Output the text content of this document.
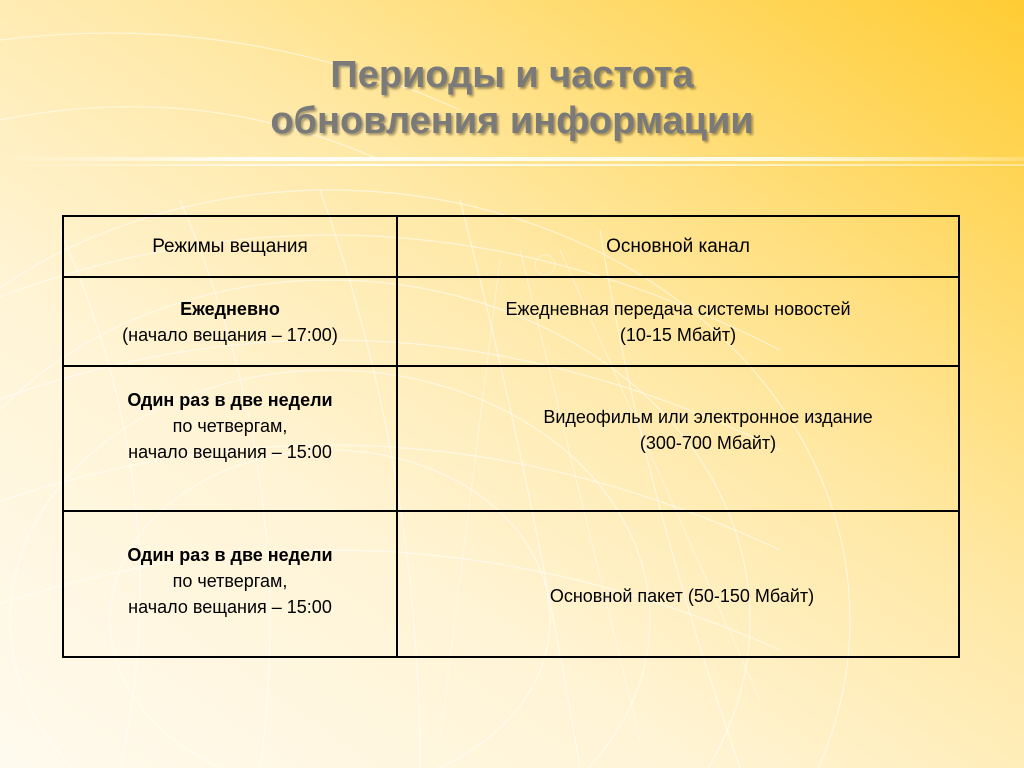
Периоды и частота
обновления информации
Режимы вещания	Основной канал

Ежедневно
(начало вещания – 17:00)	Ежедневная передача системы новостей
(10-15 Мбайт)

Один раз в две недели
по четвергам,
начало вещания – 15:00	Видеофильм или электронное издание
(300-700 Мбайт)

Один раз в две недели
по четвергам,
начало вещания – 15:00	Основной пакет (50-150 Мбайт)
